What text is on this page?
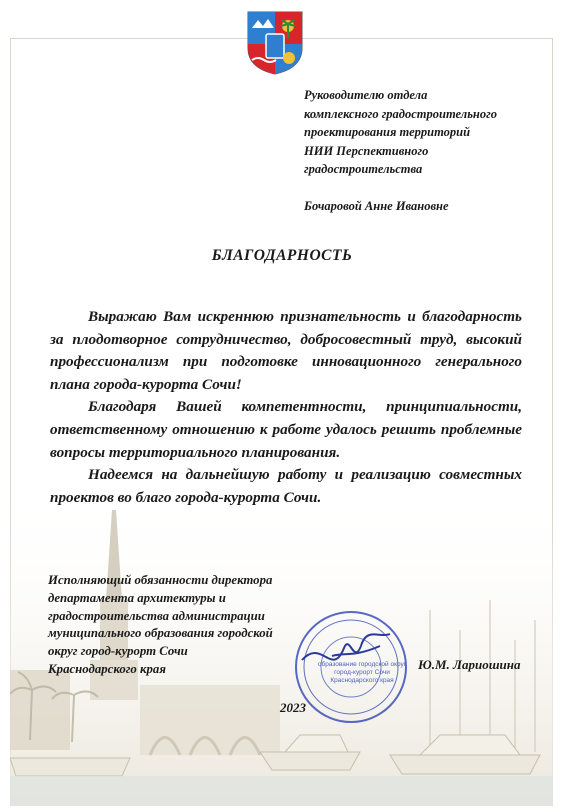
Руководителю отдела
комплексного градостроительного
проектирования территорий
НИИ Перспективного
градостроительства
Бочаровой Анне Ивановне
БЛАГОДАРНОСТЬ

Выражаю Вам искреннюю признательность и благодарность за плодотворное сотрудничество, добросовестный труд, высокий профессионализм при подготовке инновационного генерального плана города-курорта Сочи!

Благодаря Вашей компетентности, принципиальности, ответственному отношению к работе удалось решить проблемные вопросы территориального планирования.

Надеемся на дальнейшую работу и реализацию совместных проектов во благо города-курорта Сочи.

Исполняющий обязанности директора
департамента архитектуры и
градостроительства администрации
муниципального образования городской
округ город-курорт Сочи
Краснодарского края	Ю.М. Лариошина
2023
образование городской округ
город-курорт Сочи
Краснодарского края
